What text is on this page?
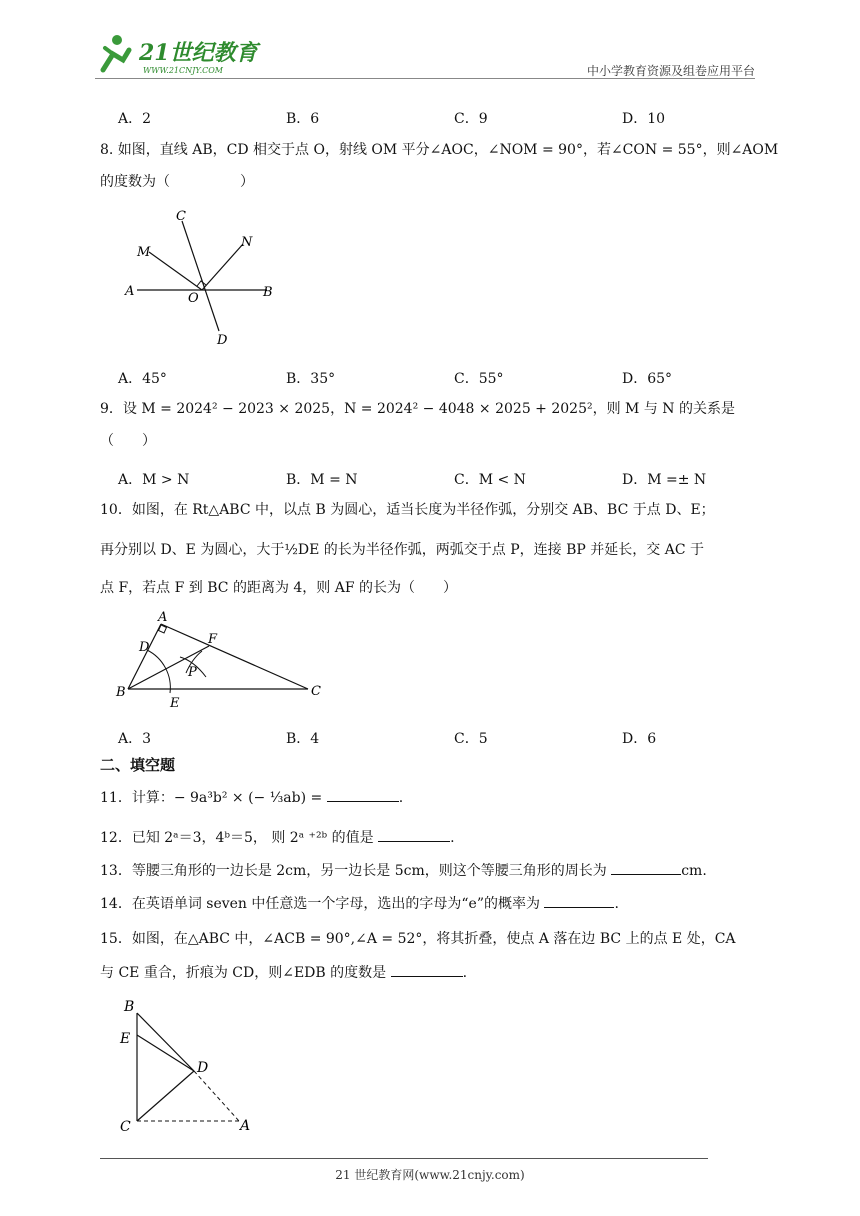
21世纪教育
WWW.21CNJY.COM	中小学教育资源及组卷应用平台
A．2	B．6	C．9	D．10
8. 如图，直线 AB，CD 相交于点 O，射线 OM 平分∠AOC，∠NOM = 90°，若∠CON = 55°，则∠AOM
的度数为（　　　　　）
A	B
C
D
M
N
O
A．45°	B．35°	C．55°	D．65°
9．设 M = 2024² − 2023 × 2025，N = 2024² − 4048 × 2025 + 2025²，则 M 与 N 的关系是
（　　）
A．M > N	B．M = N	C．M < N	D．M =± N
10．如图，在 Rt△ABC 中，以点 B 为圆心，适当长度为半径作弧，分别交 AB、BC 于点 D、E；
再分别以 D、E 为圆心，大于½DE 的长为半径作弧，两弧交于点 P，连接 BP 并延长，交 AC 于
点 F，若点 F 到 BC 的距离为 4，则 AF 的长为（　　）
A
B	C
D
E
F
P
A．3	B．4	C．5	D．6
二、填空题
11．计算：− 9a³b² × (− ⅓ab) =	.
12．已知 2ᵃ＝3，4ᵇ＝5， 则 2ᵃ ⁺²ᵇ 的值是	.
13．等腰三角形的一边长是 2cm，另一边长是 5cm，则这个等腰三角形的周长为	cm.
14．在英语单词 seven 中任意选一个字母，选出的字母为“e”的概率为	.
15．如图，在△ABC 中，∠ACB = 90°,∠A = 52°，将其折叠，使点 A 落在边 BC 上的点 E 处，CA
与 CE 重合，折痕为 CD，则∠EDB 的度数是	.
B
E
C
D
A
21 世纪教育网(www.21cnjy.com)
